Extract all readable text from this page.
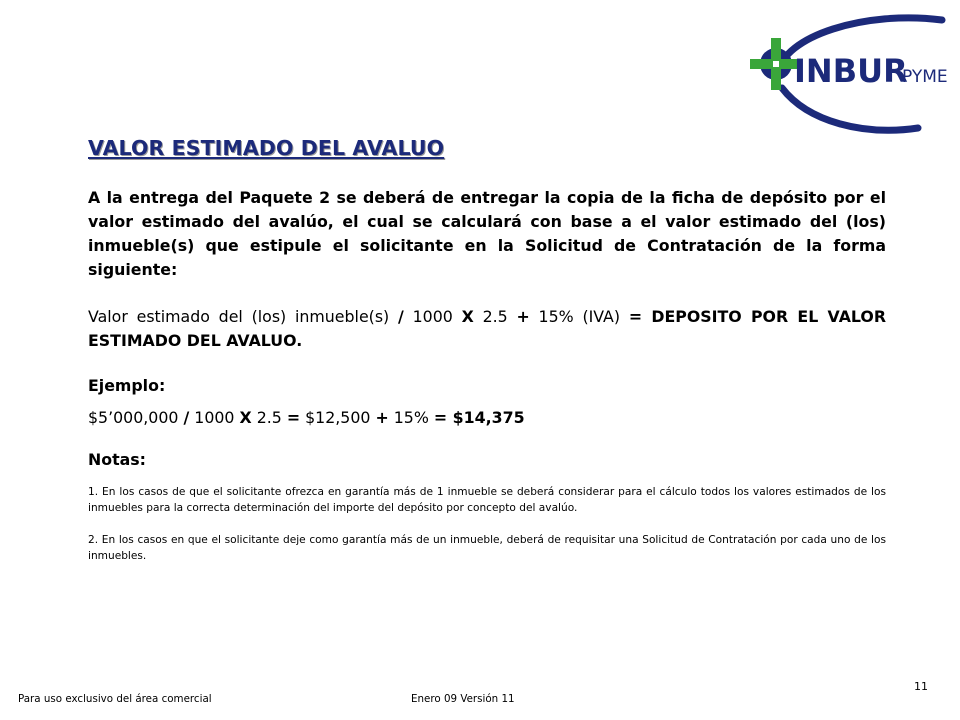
INBUR
PYME
VALOR ESTIMADO DEL AVALUO

A la entrega del Paquete 2 se deberá de entregar la copia de la ficha de depósito por el valor estimado del avalúo, el cual se calculará con base a el valor estimado del (los) inmueble(s) que estipule el solicitante en la Solicitud de Contratación de la forma siguiente:

Valor estimado del (los) inmueble(s) / 1000 X 2.5 + 15% (IVA) = DEPOSITO POR EL VALOR ESTIMADO DEL AVALUO.

Ejemplo:

$5’000,000 / 1000 X 2.5 = $12,500 + 15% = $14,375

Notas:

1. En los casos de que el solicitante ofrezca en garantía más de 1 inmueble se deberá considerar para el cálculo todos los valores estimados de los inmuebles para la correcta determinación del importe del depósito por concepto del avalúo.

2. En los casos en que el solicitante deje como garantía más de un inmueble, deberá de requisitar una Solicitud de Contratación por cada uno de los inmuebles.

Para uso exclusivo del área comercial	Enero 09 Versión 11
11
